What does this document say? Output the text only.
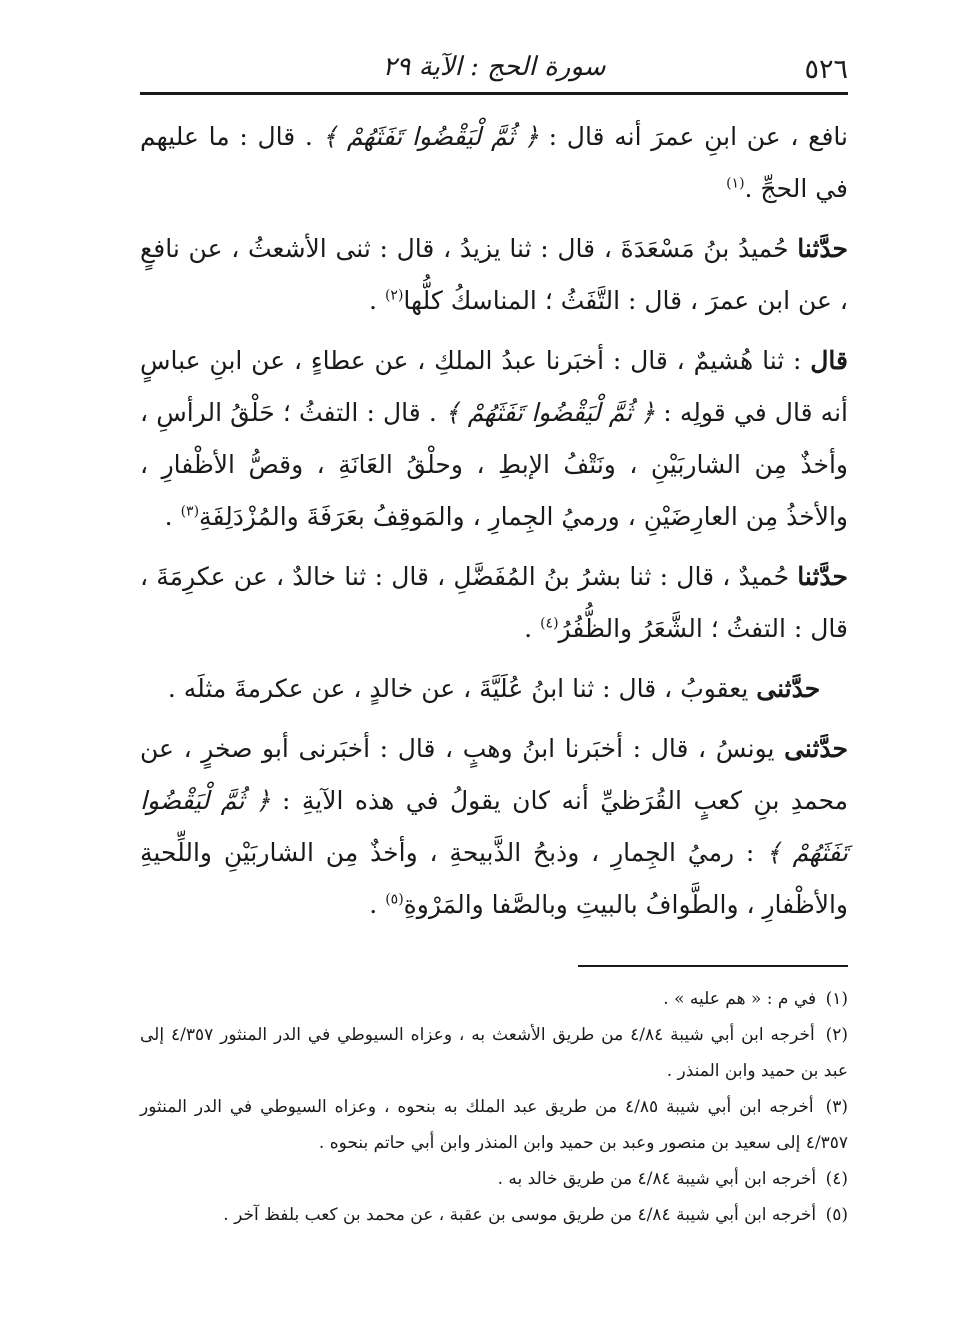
٥٢٦
سورة الحج : الآية ٢٩

نافع ، عن ابنِ عمرَ أنه قال : ﴿ ثُمَّ لْيَقْضُوا تَفَثَهُمْ ﴾ . قال : ما عليهم في الحجِّ .$^{(١)}$

حدَّثنا حُميدُ بنُ مَسْعَدَةَ ، قال : ثنا يزيدُ ، قال : ثنى الأشعثُ ، عن نافعٍ ، عن ابن عمرَ ، قال : التَّفَثُ ؛ المناسكُ كلُّها$^{(٢)}$ .

قال : ثنا هُشيمٌ ، قال : أخبَرنا عبدُ الملكِ ، عن عطاءٍ ، عن ابنِ عباسٍ أنه قال في قولِه : ﴿ ثُمَّ لْيَقْضُوا تَفَثَهُمْ ﴾ . قال : التفثُ ؛ حَلْقُ الرأسِ ، وأخذٌ مِن الشاربَيْنِ ، ونَتْفُ الإبطِ ، وحلْقُ العَانَةِ ، وقصُّ الأظْفارِ ، والأخذُ مِن العارِضَيْنِ ، ورميُ الجِمارِ ، والمَوقِفُ بعَرَفَةَ والمُزْدَلِفَةِ$^{(٣)}$ .

حدَّثنا حُميدٌ ، قال : ثنا بشرُ بنُ المُفَضَّلِ ، قال : ثنا خالدٌ ، عن عكرِمَةَ ، قال : التفثُ ؛ الشَّعَرُ والظُّفُرُ$^{(٤)}$ .

حدَّثنى يعقوبُ ، قال : ثنا ابنُ عُلَيَّةَ ، عن خالدٍ ، عن عكرمةَ مثلَه .

حدَّثنى يونسُ ، قال : أخبَرنا ابنُ وهبٍ ، قال : أخبَرنى أبو صخرٍ ، عن محمدِ بنِ كعبٍ القُرَظيِّ أنه كان يقولُ في هذه الآيةِ : ﴿ ثُمَّ لْيَقْضُوا تَفَثَهُمْ ﴾ : رميُ الجِمارِ ، وذبحُ الذَّبيحةِ ، وأخذٌ مِن الشاربَيْنِ واللِّحيةِ والأظْفارِ ، والطَّوافُ بالبيتِ وبالصَّفا والمَرْوةِ$^{(٥)}$ .

(١) في م : « هم عليه » .

(٢) أخرجه ابن أبي شيبة ٤/٨٤ من طريق الأشعث به ، وعزاه السيوطي في الدر المنثور ٤/٣٥٧ إلى عبد بن حميد وابن المنذر .

(٣) أخرجه ابن أبي شيبة ٤/٨٥ من طريق عبد الملك به بنحوه ، وعزاه السيوطي في الدر المنثور ٤/٣٥٧ إلى سعيد بن منصور وعبد بن حميد وابن المنذر وابن أبي حاتم بنحوه .

(٤) أخرجه ابن أبي شيبة ٤/٨٤ من طريق خالد به .

(٥) أخرجه ابن أبي شيبة ٤/٨٤ من طريق موسى بن عقبة ، عن محمد بن كعب بلفظ آخر .
